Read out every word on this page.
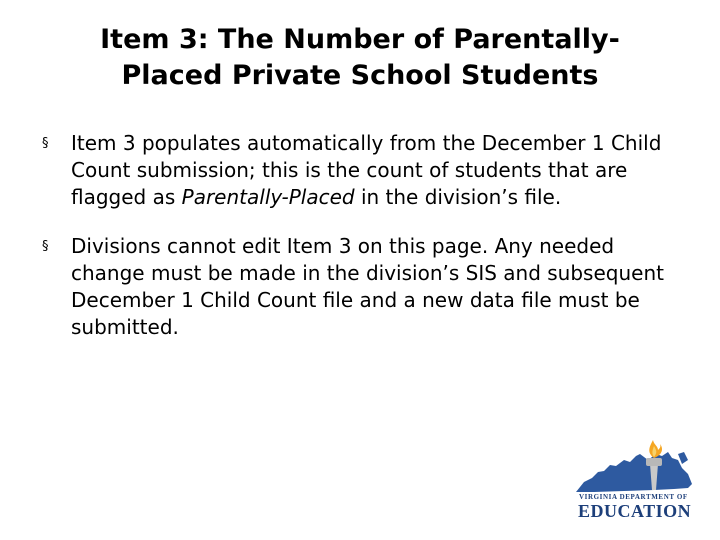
Item 3: The Number of Parentally-
Placed Private School Students
§ Item 3 populates automatically from the December 1 Child Count submission; this is the count of students that are flagged as Parentally-Placed in the division’s file.
§ Divisions cannot edit Item 3 on this page. Any needed change must be made in the division’s SIS and subsequent December 1 Child Count file and a new data file must be submitted.
VIRGINIA DEPARTMENT OF
EDUCATION
